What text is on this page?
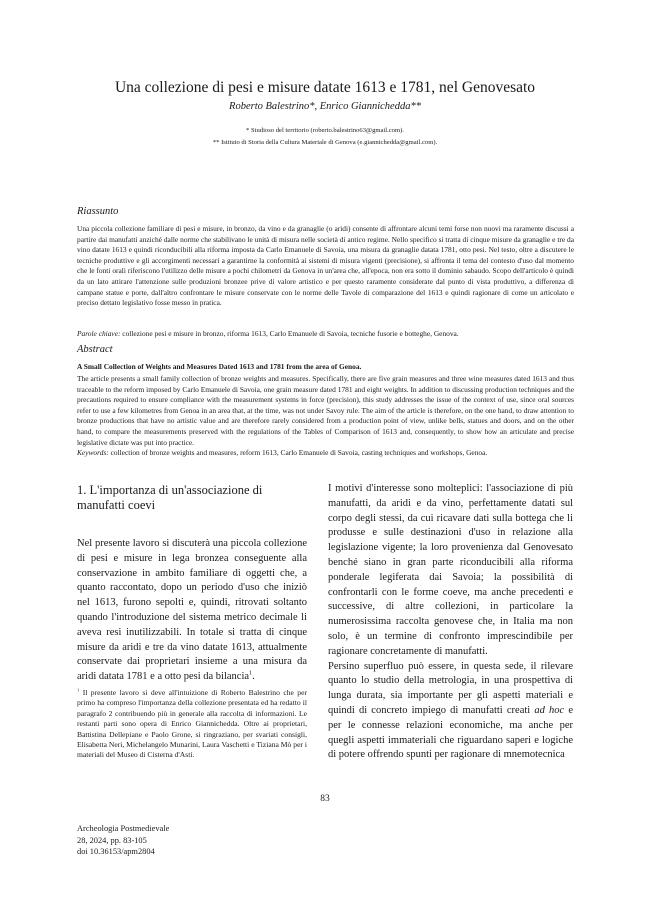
Una collezione di pesi e misure datate 1613 e 1781, nel Genovesato
Roberto Balestrino*, Enrico Giannichedda**
* Studioso del territorio (roberto.balestrino63@gmail.com).
** Istituto di Storia della Cultura Materiale di Genova (e.giannichedda@gmail.com).
Riassunto
Una piccola collezione familiare di pesi e misure, in bronzo, da vino e da granaglie (o aridi) consente di affrontare alcuni temi forse non nuovi ma raramente discussi a partire dai manufatti anziché dalle norme che stabilivano le unità di misura nelle società di antico regime. Nello specifico si tratta di cinque misure da granaglie e tre da vino datate 1613 e quindi riconducibili alla riforma imposta da Carlo Emanuele di Savoia, una misura da granaglie datata 1781, otto pesi. Nel testo, oltre a discutere le tecniche produttive e gli accorgimenti necessari a garantirne la conformità ai sistemi di misura vigenti (precisione), si affronta il tema del contesto d'uso dal momento che le fonti orali riferiscono l'utilizzo delle misure a pochi chilometri da Genova in un'area che, all'epoca, non era sotto il dominio sabaudo. Scopo dell'articolo è quindi da un lato attirare l'attenzione sulle produzioni bronzee prive di valore artistico e per questo raramente considerate dal punto di vista produttivo, a differenza di campane statue e porte, dall'altro confrontare le misure conservate con le norme delle Tavole di comparazione del 1613 e quindi ragionare di come un articolato e preciso dettato legislativo fosse messo in pratica.
Parole chiave: collezione pesi e misure in bronzo, riforma 1613, Carlo Emanuele di Savoia, tecniche fusorie e botteghe, Genova.
Abstract
A Small Collection of Weights and Measures Dated 1613 and 1781 from the area of Genoa.
The article presents a small family collection of bronze weights and measures. Specifically, there are five grain measures and three wine measures dated 1613 and thus traceable to the reform imposed by Carlo Emanuele di Savoia, one grain measure dated 1781 and eight weights. In addition to discussing production techniques and the precautions required to ensure compliance with the measurement systems in force (precision), this study addresses the issue of the context of use, since oral sources refer to use a few kilometres from Genoa in an area that, at the time, was not under Savoy rule. The aim of the article is therefore, on the one hand, to draw attention to bronze productions that have no artistic value and are therefore rarely considered from a production point of view, unlike bells, statues and doors, and on the other hand, to compare the measurements preserved with the regulations of the Tables of Comparison of 1613 and, consequently, to show how an articulate and precise legislative dictate was put into practice.
Keywords: collection of bronze weights and measures, reform 1613, Carlo Emanuele di Savoia, casting techniques and workshops, Genoa.
1. L'importanza di un'associazione di manufatti coevi
Nel presente lavoro si discuterà una piccola collezione di pesi e misure in lega bronzea conseguente alla conservazione in ambito familiare di oggetti che, a quanto raccontato, dopo un periodo d'uso che iniziò nel 1613, furono sepolti e, quindi, ritrovati soltanto quando l'introduzione del sistema metrico decimale li aveva resi inutilizzabili. In totale si tratta di cinque misure da aridi e tre da vino datate 1613, attualmente conservate dai proprietari insieme a una misura da aridi datata 1781 e a otto pesi da bilancia$^1$.
$^1$ Il presente lavoro si deve all'intuizione di Roberto Balestrino che per primo ha compreso l'importanza della collezione presentata ed ha redatto il paragrafo 2 contribuendo più in generale alla raccolta di informazioni. Le restanti parti sono opera di Enrico Giannichedda. Oltre ai proprietari, Battistina Dellepiane e Paolo Grone, si ringraziano, per svariati consigli, Elisabetta Neri, Michelangelo Munarini, Laura Vaschetti e Tiziana Mò per i materiali del Museo di Cisterna d'Asti.
I motivi d'interesse sono molteplici: l'associazione di più manufatti, da aridi e da vino, perfettamente datati sul corpo degli stessi, da cui ricavare dati sulla bottega che li produsse e sulle destinazioni d'uso in relazione alla legislazione vigente; la loro provenienza dal Genovesato benché siano in gran parte riconducibili alla riforma ponderale legiferata dai Savoia; la possibilità di confrontarli con le forme coeve, ma anche precedenti e successive, di altre collezioni, in particolare la numerosissima raccolta genovese che, in Italia ma non solo, è un termine di confronto imprescindibile per ragionare concretamente di manufatti.
Persino superfluo può essere, in questa sede, il rilevare quanto lo studio della metrologia, in una prospettiva di lunga durata, sia importante per gli aspetti materiali e quindi di concreto impiego di manufatti creati ad hoc e per le connesse relazioni economiche, ma anche per quegli aspetti immateriali che riguardano saperi e logiche di potere offrendo spunti per ragionare di mnemotecnica
83
Archeologia Postmedievale
28, 2024, pp. 83-105
doi 10.36153/apm2804
